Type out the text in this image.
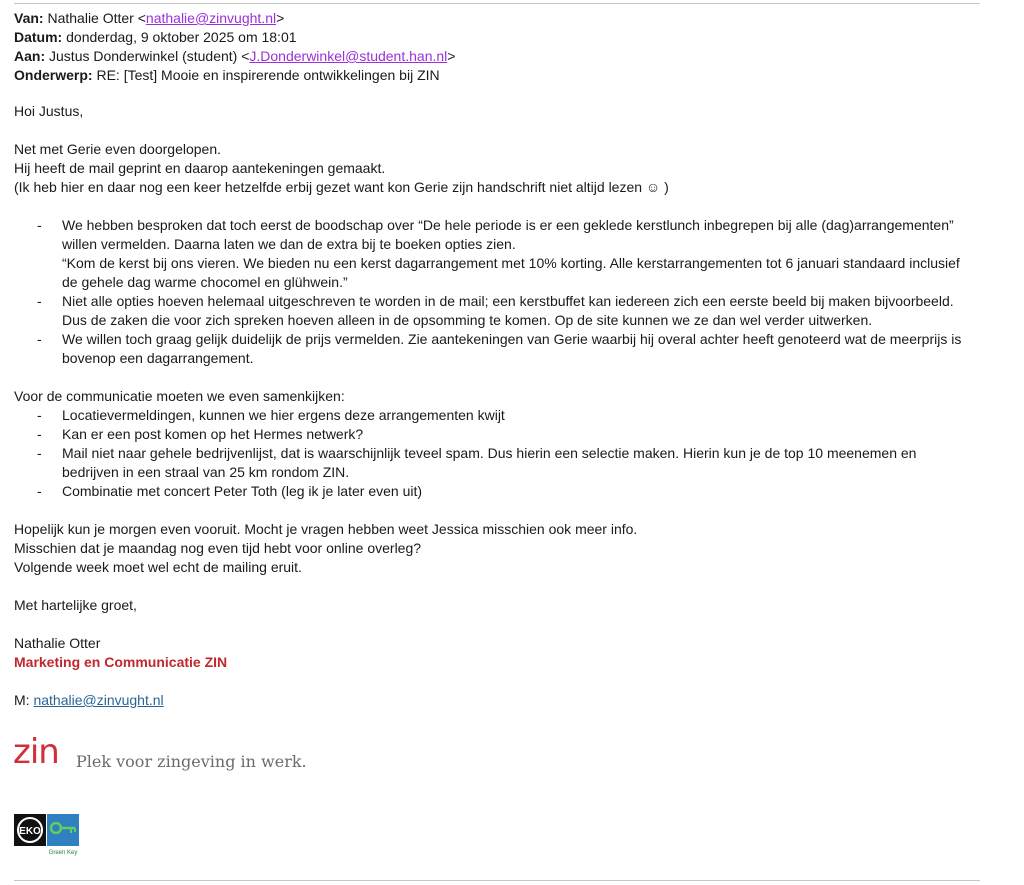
Van: Nathalie Otter <nathalie@zinvught.nl>
Datum: donderdag, 9 oktober 2025 om 18:01
Aan: Justus Donderwinkel (student) <J.Donderwinkel@student.han.nl>
Onderwerp: RE: [Test] Mooie en inspirerende ontwikkelingen bij ZIN

Hoi Justus,

Net met Gerie even doorgelopen.

Hij heeft de mail geprint en daarop aantekeningen gemaakt.

(Ik heb hier en daar nog een keer hetzelfde erbij gezet want kon Gerie zijn handschrift niet altijd lezen ☺ )

- We hebben besproken dat toch eerst de boodschap over “De hele periode is er een geklede kerstlunch inbegrepen bij alle (dag)arrangementen” willen vermelden. Daarna laten we dan de extra bij te boeken opties zien.
“Kom de kerst bij ons vieren. We bieden nu een kerst dagarrangement met 10% korting. Alle kerstarrangementen tot 6 januari standaard inclusief de gehele dag warme chocomel en glühwein.”
- Niet alle opties hoeven helemaal uitgeschreven te worden in de mail; een kerstbuffet kan iedereen zich een eerste beeld bij maken bijvoorbeeld. Dus de zaken die voor zich spreken hoeven alleen in de opsomming te komen. Op de site kunnen we ze dan wel verder uitwerken.
- We willen toch graag gelijk duidelijk de prijs vermelden. Zie aantekeningen van Gerie waarbij hij overal achter heeft genoteerd wat de meerprijs is bovenop een dagarrangement.

Voor de communicatie moeten we even samenkijken:

- Locatievermeldingen, kunnen we hier ergens deze arrangementen kwijt
- Kan er een post komen op het Hermes netwerk?
- Mail niet naar gehele bedrijvenlijst, dat is waarschijnlijk teveel spam. Dus hierin een selectie maken. Hierin kun je de top 10 meenemen en bedrijven in een straal van 25 km rondom ZIN.
- Combinatie met concert Peter Toth (leg ik je later even uit)

Hopelijk kun je morgen even vooruit. Mocht je vragen hebben weet Jessica misschien ook meer info.

Misschien dat je maandag nog even tijd hebt voor online overleg?

Volgende week moet wel echt de mailing eruit.

Met hartelijke groet,

Nathalie Otter

Marketing en Communicatie ZIN

M: nathalie@zinvught.nl

zin Plek voor zingeving in werk.
EKO
Green Key
